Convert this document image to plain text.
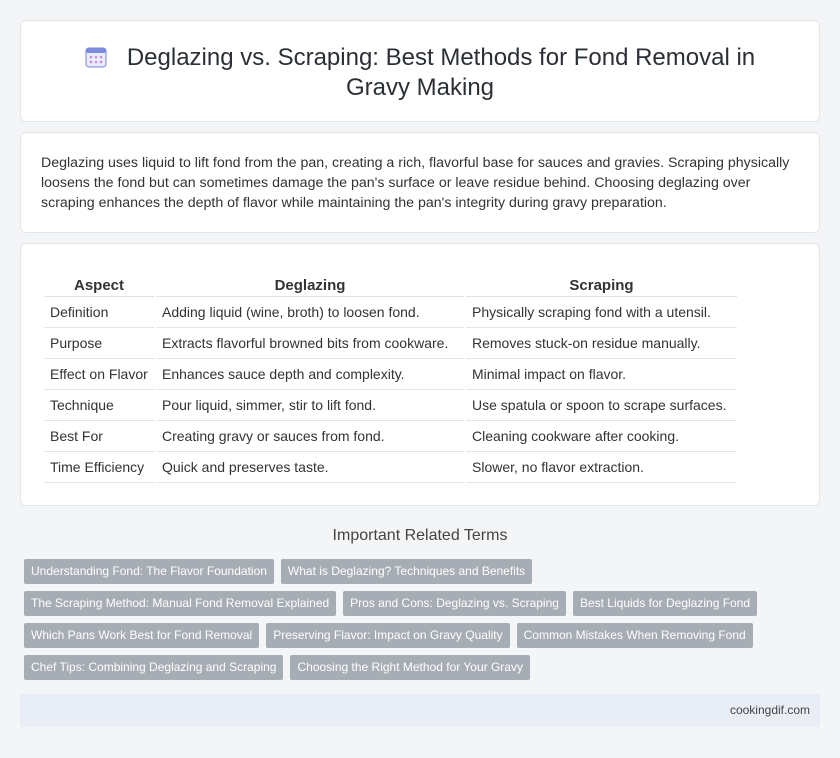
Deglazing vs. Scraping: Best Methods for Fond Removal in Gravy Making

Deglazing uses liquid to lift fond from the pan, creating a rich, flavorful base for sauces and gravies. Scraping physically loosens the fond but can sometimes damage the pan's surface or leave residue behind. Choosing deglazing over scraping enhances the depth of flavor while maintaining the pan's integrity during gravy preparation.

Aspect	Deglazing	Scraping
Definition	Adding liquid (wine, broth) to loosen fond.	Physically scraping fond with a utensil.
Purpose	Extracts flavorful browned bits from cookware.	Removes stuck-on residue manually.
Effect on Flavor	Enhances sauce depth and complexity.	Minimal impact on flavor.
Technique	Pour liquid, simmer, stir to lift fond.	Use spatula or spoon to scrape surfaces.
Best For	Creating gravy or sauces from fond.	Cleaning cookware after cooking.
Time Efficiency	Quick and preserves taste.	Slower, no flavor extraction.
Important Related Terms
Understanding Fond: The Flavor Foundation	What is Deglazing? Techniques and Benefits
The Scraping Method: Manual Fond Removal Explained	Pros and Cons: Deglazing vs. Scraping	Best Liquids for Deglazing Fond
Which Pans Work Best for Fond Removal	Preserving Flavor: Impact on Gravy Quality	Common Mistakes When Removing Fond
Chef Tips: Combining Deglazing and Scraping	Choosing the Right Method for Your Gravy
cookingdif.com
